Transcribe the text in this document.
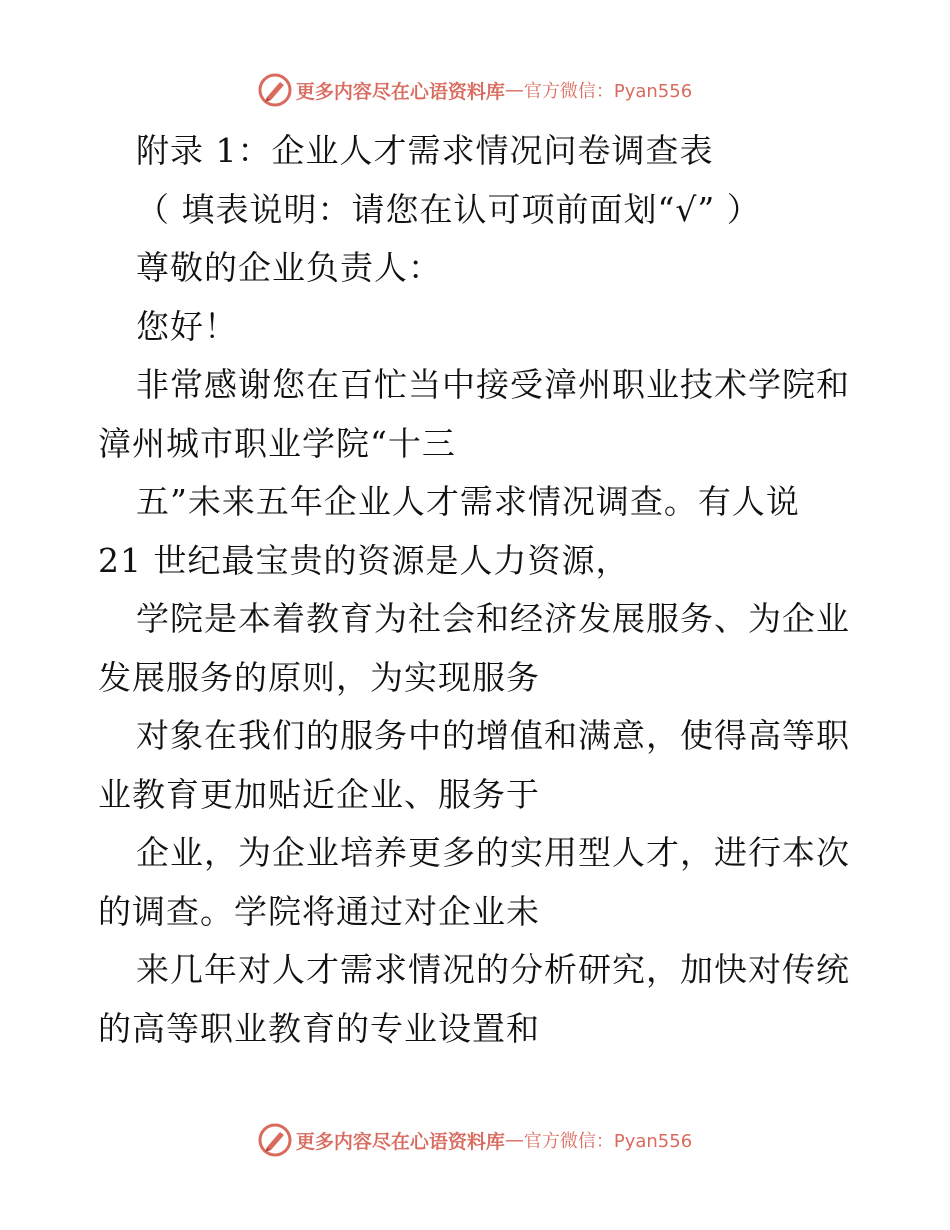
更多内容尽在心语资料库 — 官方微信：Pyan556
附录 1：企业人才需求情况问卷调查表
（ 填表说明：请您在认可项前面划“√” ）
尊敬的企业负责人：
您好！
非常感谢您在百忙当中接受漳州职业技术学院和
漳州城市职业学院“十三
五”未来五年企业人才需求情况调查。有人说
21 世纪最宝贵的资源是人力资源，
学院是本着教育为社会和经济发展服务、为企业
发展服务的原则，为实现服务
对象在我们的服务中的增值和满意，使得高等职
业教育更加贴近企业、服务于
企业，为企业培养更多的实用型人才，进行本次
的调查。学院将通过对企业未
来几年对人才需求情况的分析研究，加快对传统
的高等职业教育的专业设置和
更多内容尽在心语资料库 — 官方微信：Pyan556
